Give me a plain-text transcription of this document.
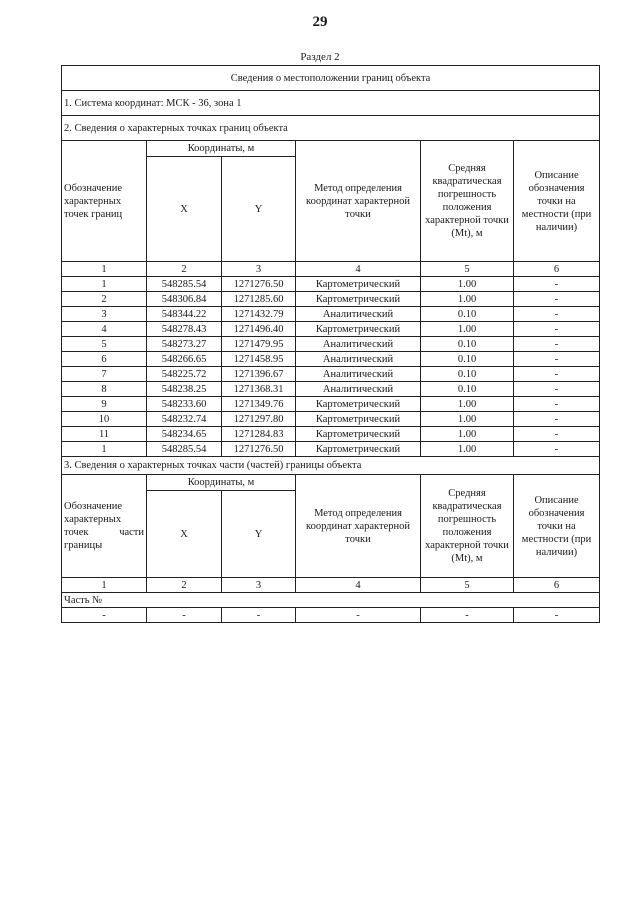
29
Раздел 2
Сведения о местоположении границ объекта					
1. Система координат: МСК - 36, зона 1					
2. Сведения о характерных точках границ объекта					
Обозначение характерных точек границ	Координаты, м		Метод определения координат характерной точки	Средняя квадратическая погрешность положения характерной точки (Mt), м	Описание обозначения точки на местности (при наличии)
	X	Y			
1	2	3	4	5	6
1	548285.54	1271276.50	Картометрический	1.00	-
2	548306.84	1271285.60	Картометрический	1.00	-
3	548344.22	1271432.79	Аналитический	0.10	-
4	548278.43	1271496.40	Картометрический	1.00	-
5	548273.27	1271479.95	Аналитический	0.10	-
6	548266.65	1271458.95	Аналитический	0.10	-
7	548225.72	1271396.67	Аналитический	0.10	-
8	548238.25	1271368.31	Аналитический	0.10	-
9	548233.60	1271349.76	Картометрический	1.00	-
10	548232.74	1271297.80	Картометрический	1.00	-
11	548234.65	1271284.83	Картометрический	1.00	-
1	548285.54	1271276.50	Картометрический	1.00	-
3. Сведения о характерных точках части (частей) границы объекта					

Обозначение
характерных
точек части
границы	Координаты, м		Метод определения координат характерной точки	Средняя квадратическая погрешность положения характерной точки (Mt), м	Описание обозначения точки на местности (при наличии)
	X	Y			
1	2	3	4	5	6
Часть №					
-	-	-	-	-	-
